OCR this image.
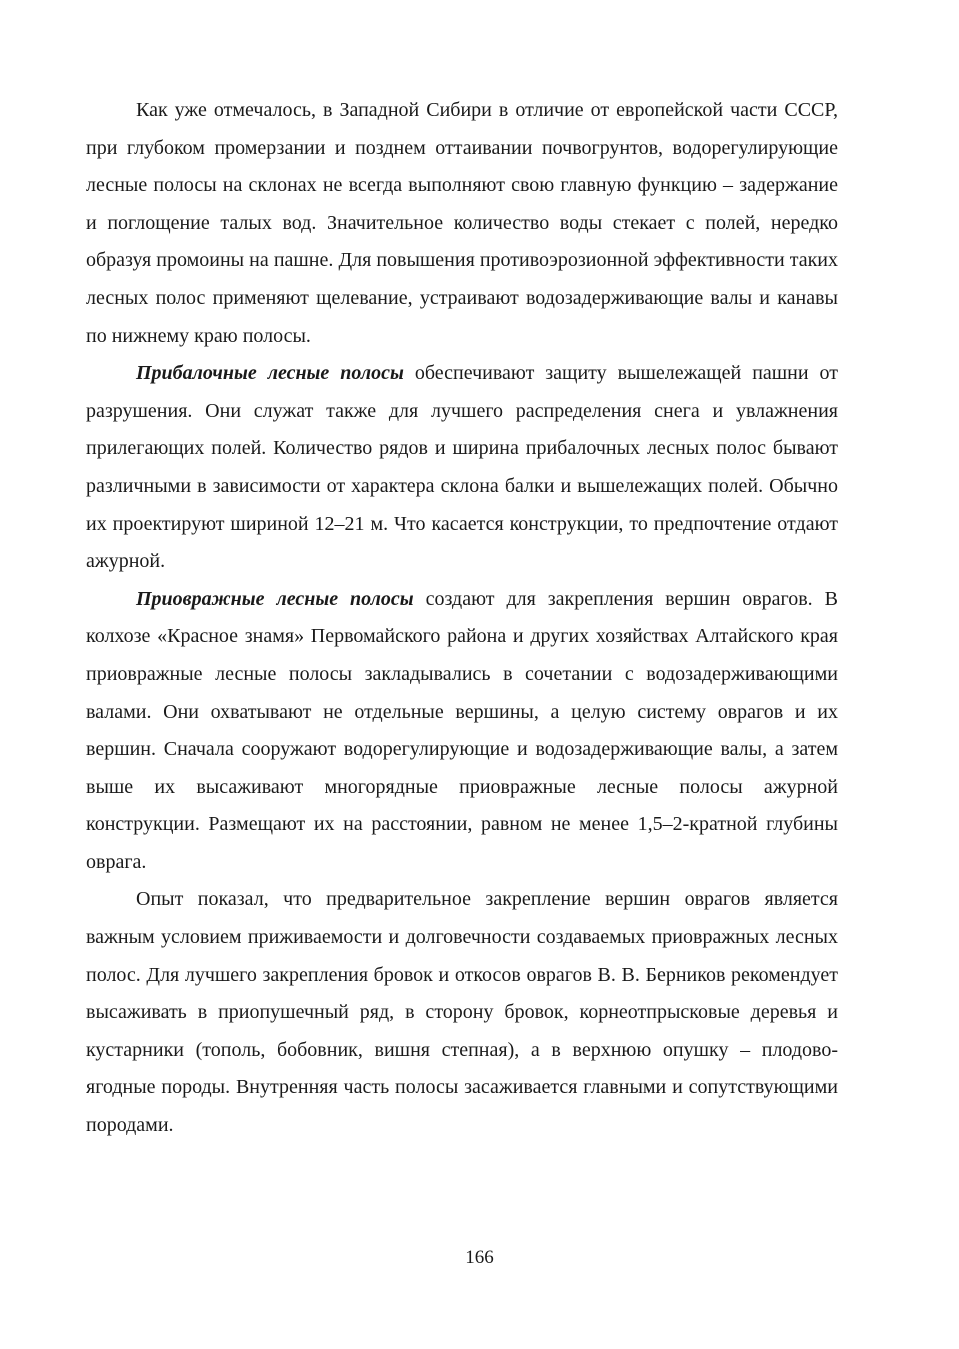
Как уже отмечалось, в Западной Сибири в отличие от европейской части СССР, при глубоком промерзании и позднем оттаивании почвогрунтов, водорегулирующие лесные полосы на склонах не всегда выполняют свою главную функцию – задержание и поглощение талых вод. Значительное количество воды стекает с полей, нередко образуя промоины на пашне. Для повышения противоэрозионной эффективности таких лесных полос применяют щелевание, устраивают водозадерживающие валы и канавы по нижнему краю полосы.

Прибалочные лесные полосы обеспечивают защиту вышележащей пашни от разрушения. Они служат также для лучшего распределения снега и увлажнения прилегающих полей. Количество рядов и ширина прибалочных лесных полос бывают различными в зависимости от характера склона балки и вышележащих полей. Обычно их проектируют шириной 12–21 м. Что касается конструкции, то предпочтение отдают ажурной.

Приовражные лесные полосы создают для закрепления вершин оврагов. В колхозе «Красное знамя» Первомайского района и других хозяйствах Алтайского края приовражные лесные полосы закладывались в сочетании с водозадерживающими валами. Они охватывают не отдельные вершины, а целую систему оврагов и их вершин. Сначала сооружают водорегулирующие и водозадерживающие валы, а затем выше их высаживают многорядные приовражные лесные полосы ажурной конструкции. Размещают их на расстоянии, равном не менее 1,5–2-кратной глубины оврага.

Опыт показал, что предварительное закрепление вершин оврагов является важным условием приживаемости и долговечности создаваемых приовражных лесных полос. Для лучшего закрепления бровок и откосов оврагов В. В. Берников рекомендует высаживать в приопушечный ряд, в сторону бровок, корнеотпрысковые деревья и кустарники (тополь, бобовник, вишня степная), а в верхнюю опушку – плодово-ягодные породы. Внутренняя часть полосы засаживается главными и сопутствующими породами.

166
